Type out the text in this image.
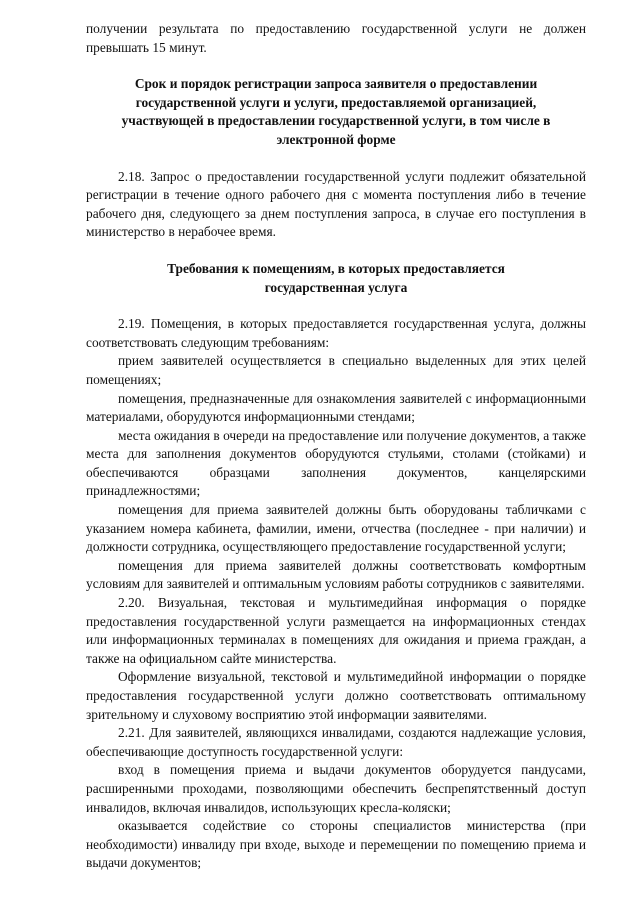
получении результата по предоставлению государственной услуги не должен превышать 15 минут.

Срок и порядок регистрации запроса заявителя о предоставлении государственной услуги и услуги, предоставляемой организацией, участвующей в предоставлении государственной услуги, в том числе в электронной форме

2.18. Запрос о предоставлении государственной услуги подлежит обязательной регистрации в течение одного рабочего дня с момента поступления либо в течение рабочего дня, следующего за днем поступления запроса, в случае его поступления в министерство в нерабочее время.

Требования к помещениям, в которых предоставляется государственная услуга

2.19. Помещения, в которых предоставляется государственная услуга, должны соответствовать следующим требованиям:

прием заявителей осуществляется в специально выделенных для этих целей помещениях;

помещения, предназначенные для ознакомления заявителей с информационными материалами, оборудуются информационными стендами;

места ожидания в очереди на предоставление или получение документов, а также места для заполнения документов оборудуются стульями, столами (стойками) и обеспечиваются образцами заполнения документов, канцелярскими принадлежностями;

помещения для приема заявителей должны быть оборудованы табличками с указанием номера кабинета, фамилии, имени, отчества (последнее - при наличии) и должности сотрудника, осуществляющего предоставление государственной услуги;

помещения для приема заявителей должны соответствовать комфортным условиям для заявителей и оптимальным условиям работы сотрудников с заявителями.

2.20. Визуальная, текстовая и мультимедийная информация о порядке предоставления государственной услуги размещается на информационных стендах или информационных терминалах в помещениях для ожидания и приема граждан, а также на официальном сайте министерства.

Оформление визуальной, текстовой и мультимедийной информации о порядке предоставления государственной услуги должно соответствовать оптимальному зрительному и слуховому восприятию этой информации заявителями.

2.21. Для заявителей, являющихся инвалидами, создаются надлежащие условия, обеспечивающие доступность государственной услуги:

вход в помещения приема и выдачи документов оборудуется пандусами, расширенными проходами, позволяющими обеспечить беспрепятственный доступ инвалидов, включая инвалидов, использующих кресла-коляски;

оказывается содействие со стороны специалистов министерства (при необходимости) инвалиду при входе, выходе и перемещении по помещению приема и выдачи документов;
